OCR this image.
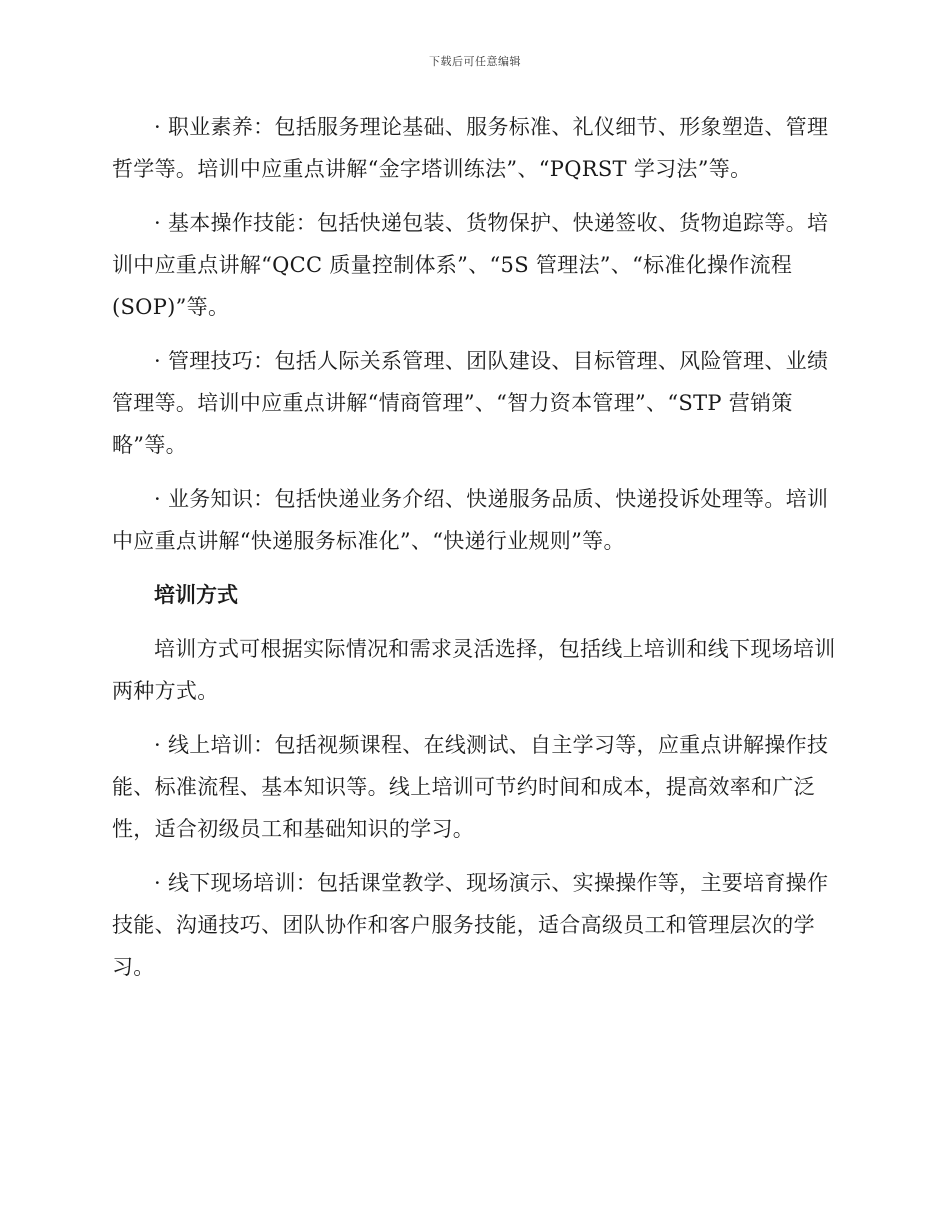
下载后可任意编辑

· 职业素养：包括服务理论基础、服务标准、礼仪细节、形象塑造、管理哲学等。培训中应重点讲解“金字塔训练法”、“PQRST 学习法”等。

· 基本操作技能：包括快递包装、货物保护、快递签收、货物追踪等。培训中应重点讲解“QCC 质量控制体系”、“5S 管理法”、“标准化操作流程(SOP)”等。

· 管理技巧：包括人际关系管理、团队建设、目标管理、风险管理、业绩管理等。培训中应重点讲解“情商管理”、“智力资本管理”、“STP 营销策略”等。

· 业务知识：包括快递业务介绍、快递服务品质、快递投诉处理等。培训中应重点讲解“快递服务标准化”、“快递行业规则”等。

培训方式

培训方式可根据实际情况和需求灵活选择，包括线上培训和线下现场培训两种方式。

· 线上培训：包括视频课程、在线测试、自主学习等，应重点讲解操作技能、标准流程、基本知识等。线上培训可节约时间和成本，提高效率和广泛性，适合初级员工和基础知识的学习。

· 线下现场培训：包括课堂教学、现场演示、实操操作等，主要培育操作技能、沟通技巧、团队协作和客户服务技能，适合高级员工和管理层次的学习。
